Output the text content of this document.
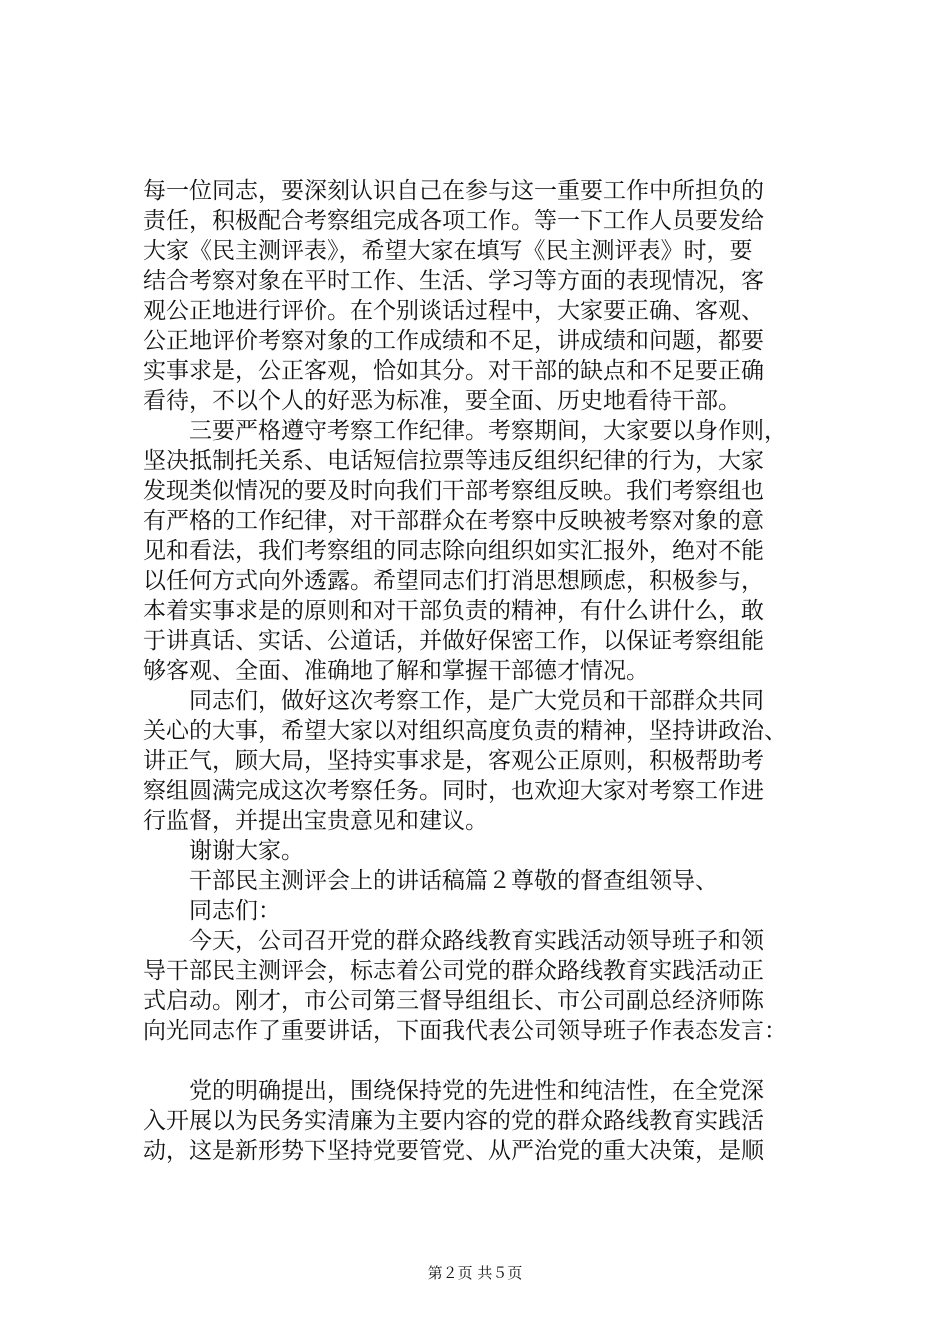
每一位同志，要深刻认识自己在参与这一重要工作中所担负的
责任，积极配合考察组完成各项工作。等一下工作人员要发给
大家《民主测评表》，希望大家在填写《民主测评表》时，要
结合考察对象在平时工作、生活、学习等方面的表现情况，客
观公正地进行评价。在个别谈话过程中，大家要正确、客观、
公正地评价考察对象的工作成绩和不足，讲成绩和问题，都要
实事求是，公正客观，恰如其分。对干部的缺点和不足要正确
看待，不以个人的好恶为标准，要全面、历史地看待干部。
　　三要严格遵守考察工作纪律。考察期间，大家要以身作则，
坚决抵制托关系、电话短信拉票等违反组织纪律的行为，大家
发现类似情况的要及时向我们干部考察组反映。我们考察组也
有严格的工作纪律，对干部群众在考察中反映被考察对象的意
见和看法，我们考察组的同志除向组织如实汇报外，绝对不能
以任何方式向外透露。希望同志们打消思想顾虑，积极参与，
本着实事求是的原则和对干部负责的精神，有什么讲什么，敢
于讲真话、实话、公道话，并做好保密工作，以保证考察组能
够客观、全面、准确地了解和掌握干部德才情况。
　　同志们，做好这次考察工作，是广大党员和干部群众共同
关心的大事，希望大家以对组织高度负责的精神，坚持讲政治、
讲正气，顾大局，坚持实事求是，客观公正原则，积极帮助考
察组圆满完成这次考察任务。同时，也欢迎大家对考察工作进
行监督，并提出宝贵意见和建议。
　　谢谢大家。
　　干部民主测评会上的讲话稿篇２尊敬的督查组领导、
　　同志们：
　　今天，公司召开党的群众路线教育实践活动领导班子和领
导干部民主测评会，标志着公司党的群众路线教育实践活动正
式启动。刚才，市公司第三督导组组长、市公司副总经济师陈
向光同志作了重要讲话，下面我代表公司领导班子作表态发言：
　　党的明确提出，围绕保持党的先进性和纯洁性，在全党深
入开展以为民务实清廉为主要内容的党的群众路线教育实践活
动，这是新形势下坚持党要管党、从严治党的重大决策，是顺
第２页 共５页
